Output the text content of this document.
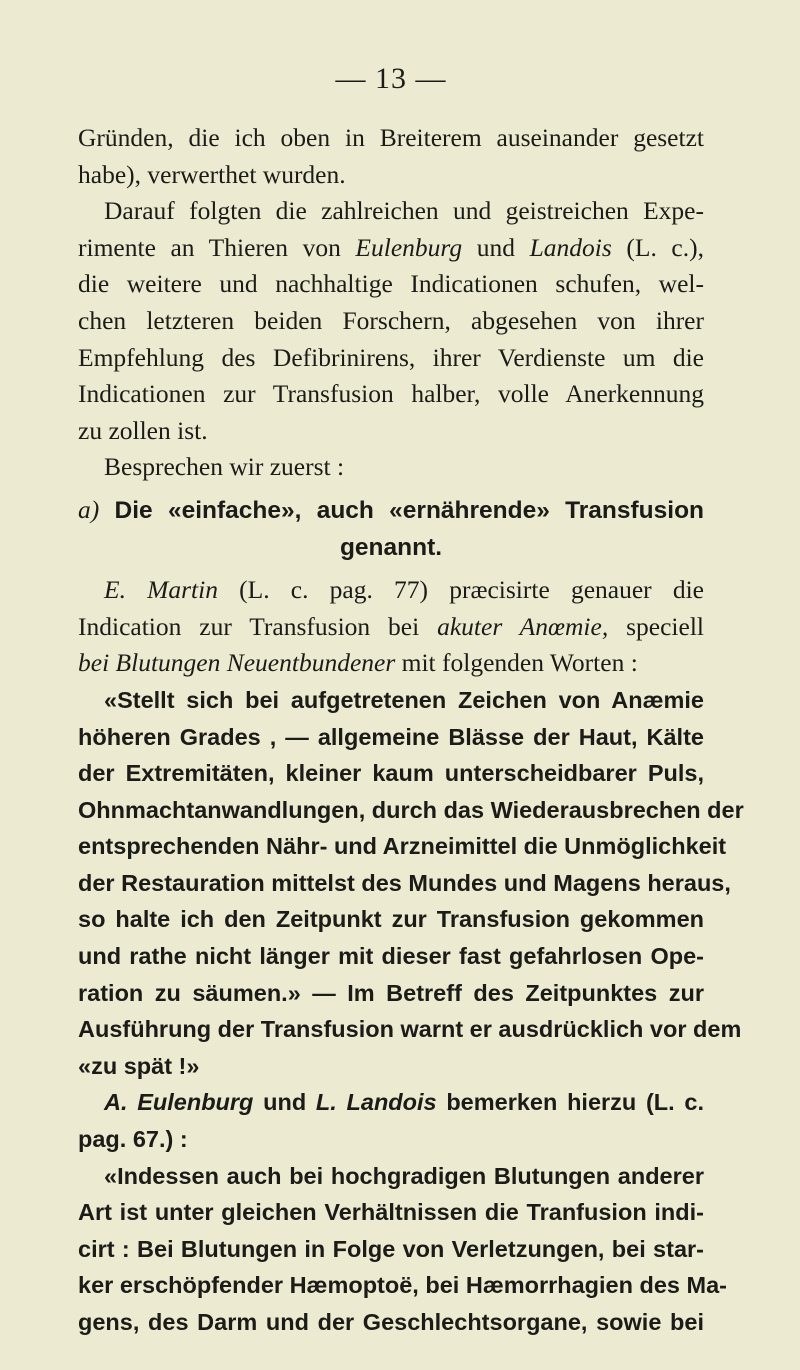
— 13 —
Gründen, die ich oben in Breiterem auseinander gesetzt
habe), verwerthet wurden.
Darauf folgten die zahlreichen und geistreichen Expe-
rimente an Thieren von Eulenburg und Landois (L. c.),
die weitere und nachhaltige Indicationen schufen, wel-
chen letzteren beiden Forschern, abgesehen von ihrer
Empfehlung des Defibrinirens, ihrer Verdienste um die
Indicationen zur Transfusion halber, volle Anerkennung
zu zollen ist.
Besprechen wir zuerst :
a) Die «einfache», auch «ernährende» Transfusion
genannt.
E. Martin (L. c. pag. 77) præcisirte genauer die
Indication zur Transfusion bei akuter Anœmie, speciell
bei Blutungen Neuentbundener mit folgenden Worten :
«Stellt sich bei aufgetretenen Zeichen von Anæmie
höheren Grades , — allgemeine Blässe der Haut, Kälte
der Extremitäten, kleiner kaum unterscheidbarer Puls,
Ohnmachtanwandlungen, durch das Wiederausbrechen der
entsprechenden Nähr- und Arzneimittel die Unmöglichkeit
der Restauration mittelst des Mundes und Magens heraus,
so halte ich den Zeitpunkt zur Transfusion gekommen
und rathe nicht länger mit dieser fast gefahrlosen Ope-
ration zu säumen.» — Im Betreff des Zeitpunktes zur
Ausführung der Transfusion warnt er ausdrücklich vor dem
«zu spät !»
A. Eulenburg und L. Landois bemerken hierzu (L. c.
pag. 67.) :
«Indessen auch bei hochgradigen Blutungen anderer
Art ist unter gleichen Verhältnissen die Tranfusion indi-
cirt : Bei Blutungen in Folge von Verletzungen, bei star-
ker erschöpfender Hæmoptoë, bei Hæmorrhagien des Ma-
gens, des Darm und der Geschlechtsorgane, sowie bei
